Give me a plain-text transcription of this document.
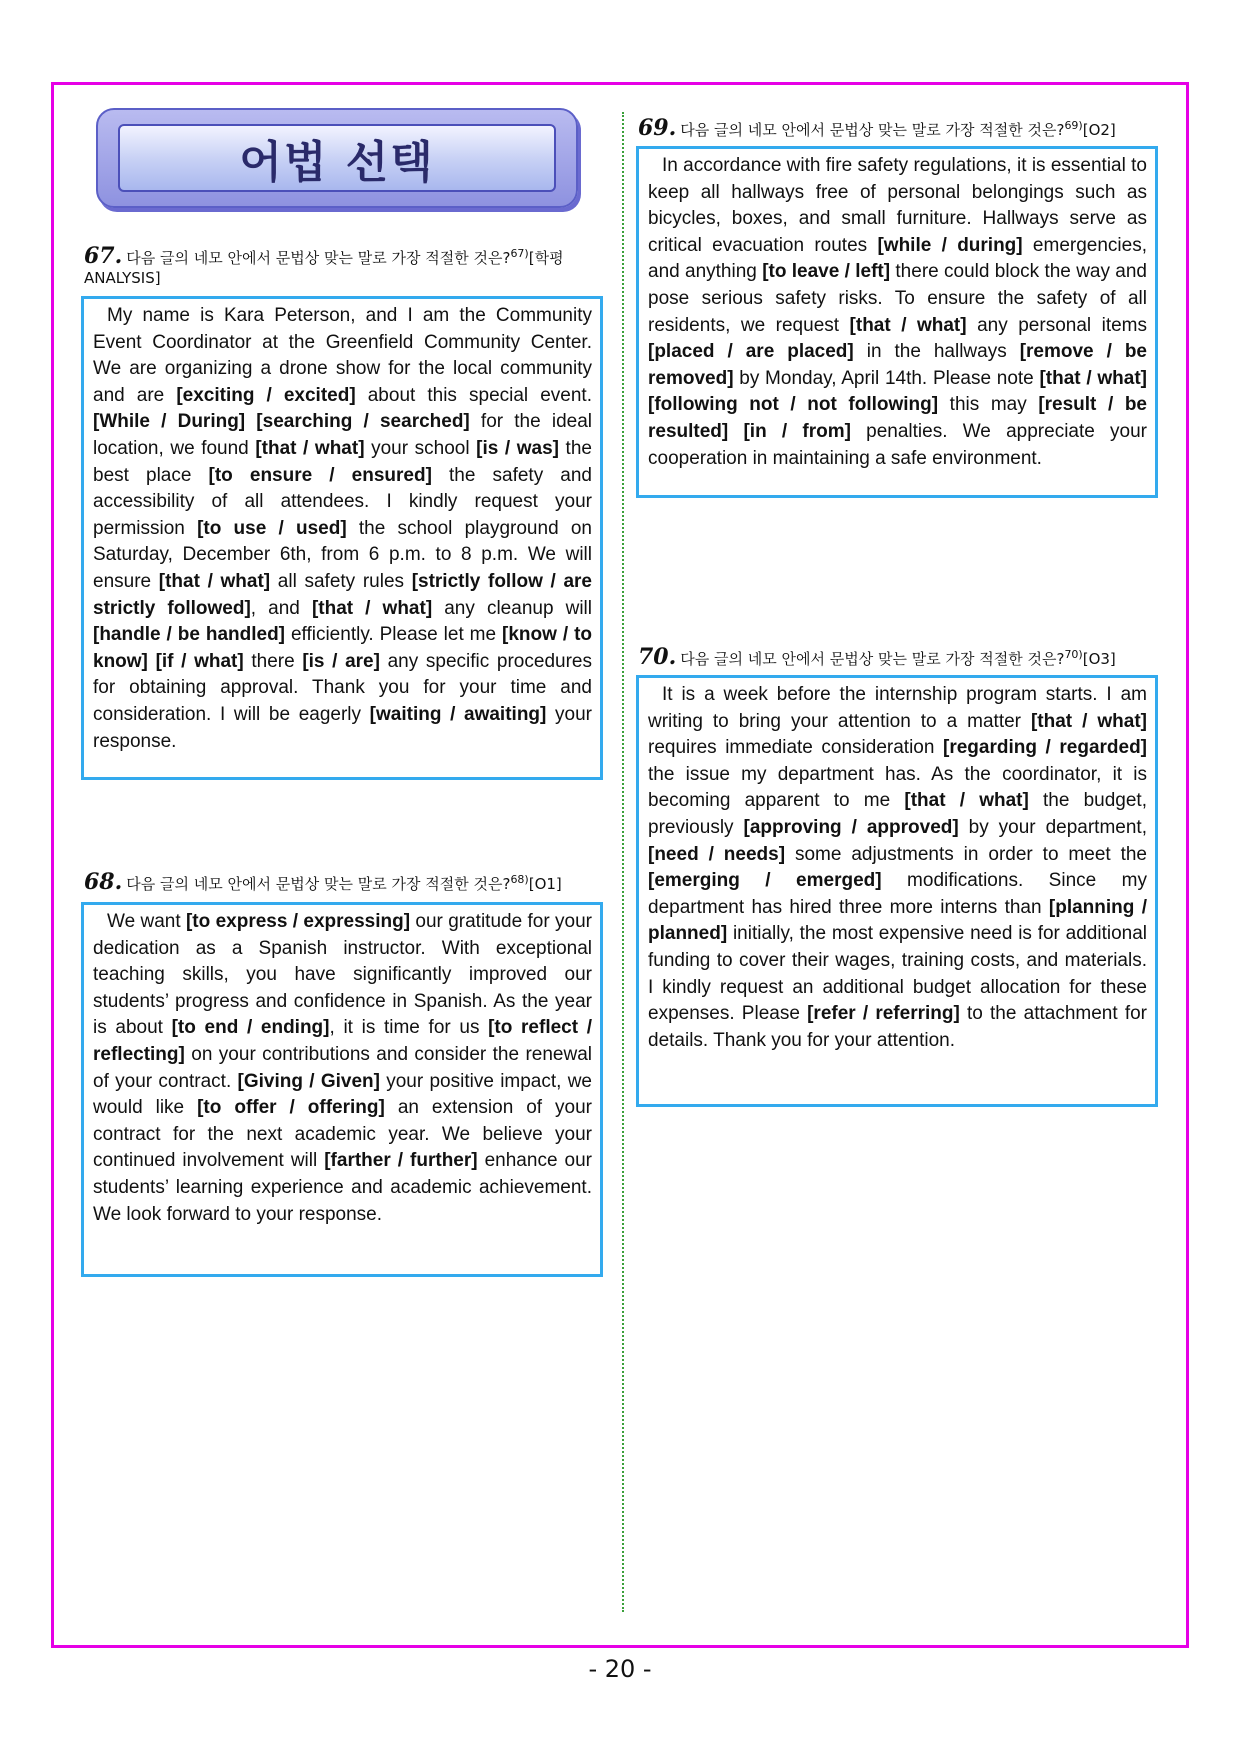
어법 선택
67. 다음 글의 네모 안에서 문법상 맞는 말로 가장 적절한 것은?$^{67)}$[학평 ANALYSIS]

My name is Kara Peterson, and I am the Community Event Coordinator at the Greenfield Community Center. We are organizing a drone show for the local community and are [exciting / excited] about this special event. [While / During] [searching / searched] for the ideal location, we found [that / what] your school [is / was] the best place [to ensure / ensured] the safety and accessibility of all attendees. I kindly request your permission [to use / used] the school playground on Saturday, December 6th, from 6 p.m. to 8 p.m. We will ensure [that / what] all safety rules [strictly follow / are strictly followed], and [that / what] any cleanup will [handle / be handled] efficiently. Please let me [know / to know] [if / what] there [is / are] any specific procedures for obtaining approval. Thank you for your time and consideration. I will be eagerly [waiting / awaiting] your response.

68. 다음 글의 네모 안에서 문법상 맞는 말로 가장 적절한 것은?$^{68)}$[O1]

We want [to express / expressing] our gratitude for your dedication as a Spanish instructor. With exceptional teaching skills, you have significantly improved our students’ progress and confidence in Spanish. As the year is about [to end / ending], it is time for us [to reflect / reflecting] on your contributions and consider the renewal of your contract. [Giving / Given] your positive impact, we would like [to offer / offering] an extension of your contract for the next academic year. We believe your continued involvement will [farther / further] enhance our students’ learning experience and academic achievement. We look forward to your response.

69. 다음 글의 네모 안에서 문법상 맞는 말로 가장 적절한 것은?$^{69)}$[O2]

In accordance with fire safety regulations, it is essential to keep all hallways free of personal belongings such as bicycles, boxes, and small furniture. Hallways serve as critical evacuation routes [while / during] emergencies, and anything [to leave / left] there could block the way and pose serious safety risks. To ensure the safety of all residents, we request [that / what] any personal items [placed / are placed] in the hallways [remove / be removed] by Monday, April 14th. Please note [that / what] [following not / not following] this may [result / be resulted] [in / from] penalties. We appreciate your cooperation in maintaining a safe environment.

70. 다음 글의 네모 안에서 문법상 맞는 말로 가장 적절한 것은?$^{70)}$[O3]

It is a week before the internship program starts. I am writing to bring your attention to a matter [that / what] requires immediate consideration [regarding / regarded] the issue my department has. As the coordinator, it is becoming apparent to me [that / what] the budget, previously [approving / approved] by your department, [need / needs] some adjustments in order to meet the [emerging / emerged] modifications. Since my department has hired three more interns than [planning / planned] initially, the most expensive need is for additional funding to cover their wages, training costs, and materials. I kindly request an additional budget allocation for these expenses. Please [refer / referring] to the attachment for details. Thank you for your attention.

- 20 -
